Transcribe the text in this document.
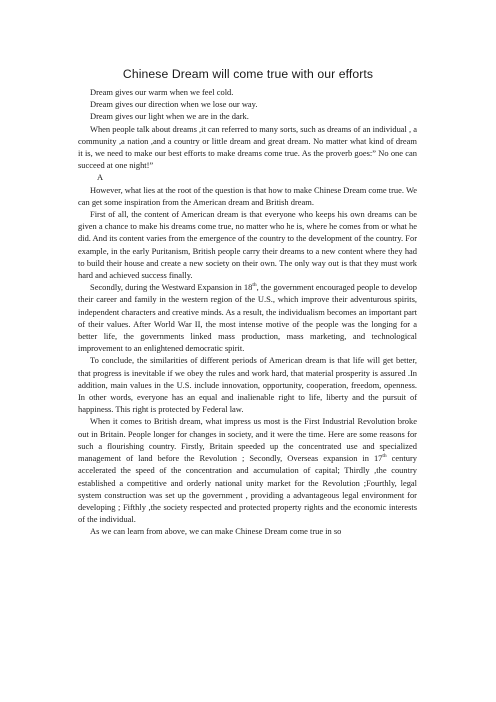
Chinese Dream will come true with our efforts

Dream gives our warm when we feel cold.

Dream gives our direction when we lose our way.

Dream gives our light when we are in the dark.

When people talk about dreams ,it can referred to many sorts, such as dreams of an individual , a community ,a nation ,and a country or little dream and great dream. No matter what kind of dream it is, we need to make our best efforts to make dreams come true. As the proverb goes:” No one can succeed at one night!”

A

However, what lies at the root of the question is that how to make Chinese Dream come true. We can get some inspiration from the American dream and British dream.

First of all, the content of American dream is that everyone who keeps his own dreams can be given a chance to make his dreams come true, no matter who he is, where he comes from or what he did. And its content varies from the emergence of the country to the development of the country. For example, in the early Puritanism, British people carry their dreams to a new content where they had to build their house and create a new society on their own. The only way out is that they must work hard and achieved success finally.

Secondly, during the Westward Expansion in 18th, the government encouraged people to develop their career and family in the western region of the U.S., which improve their adventurous spirits, independent characters and creative minds. As a result, the individualism becomes an important part of their values. After World War II, the most intense motive of the people was the longing for a better life, the governments linked mass production, mass marketing, and technological improvement to an enlightened democratic spirit.

To conclude, the similarities of different periods of American dream is that life will get better, that progress is inevitable if we obey the rules and work hard, that material prosperity is assured .In addition, main values in the U.S. include innovation, opportunity, cooperation, freedom, openness. In other words, everyone has an equal and inalienable right to life, liberty and the pursuit of happiness. This right is protected by Federal law.

When it comes to British dream, what impress us most is the First Industrial Revolution broke out in Britain. People longer for changes in society, and it were the time. Here are some reasons for such a flourishing country. Firstly, Britain speeded up the concentrated use and specialized management of land before the Revolution ; Secondly, Overseas expansion in 17th century accelerated the speed of the concentration and accumulation of capital; Thirdly ,the country established a competitive and orderly national unity market for the Revolution ;Fourthly, legal system construction was set up the government , providing a advantageous legal environment for developing ; Fifthly ,the society respected and protected property rights and the economic interests of the individual.

As we can learn from above, we can make Chinese Dream come true in so
